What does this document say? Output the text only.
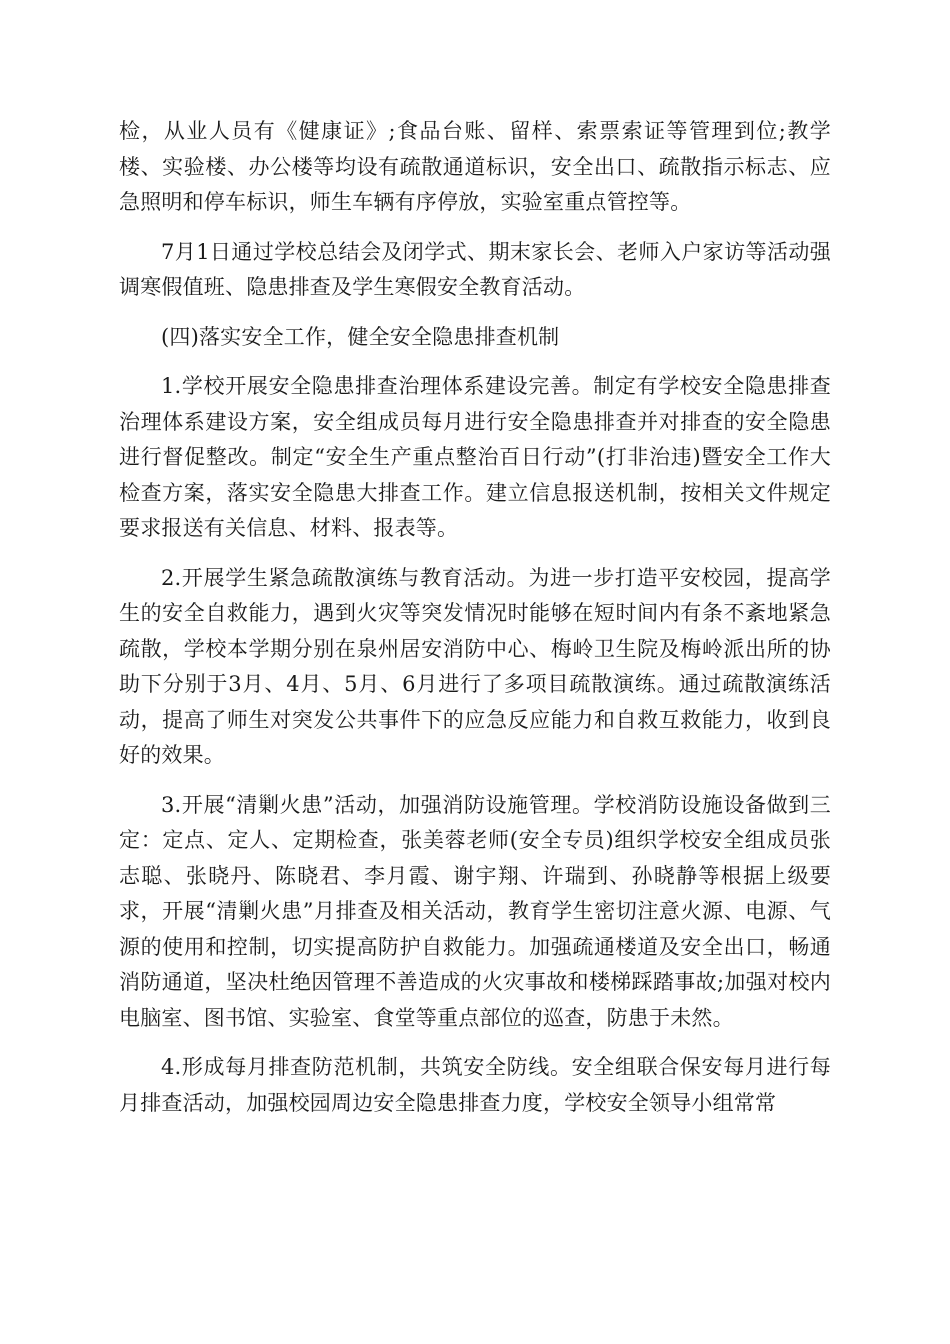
检，从业人员有《健康证》;食品台账、留样、索票索证等管理到位;教学楼、实验楼、办公楼等均设有疏散通道标识，安全出口、疏散指示标志、应急照明和停车标识，师生车辆有序停放，实验室重点管控等。

7月1日通过学校总结会及闭学式、期末家长会、老师入户家访等活动强调寒假值班、隐患排查及学生寒假安全教育活动。

(四)落实安全工作，健全安全隐患排查机制

1.学校开展安全隐患排查治理体系建设完善。制定有学校安全隐患排查治理体系建设方案，安全组成员每月进行安全隐患排查并对排查的安全隐患进行督促整改。制定“安全生产重点整治百日行动”(打非治违)暨安全工作大检查方案，落实安全隐患大排查工作。建立信息报送机制，按相关文件规定要求报送有关信息、材料、报表等。

2.开展学生紧急疏散演练与教育活动。为进一步打造平安校园，提高学生的安全自救能力，遇到火灾等突发情况时能够在短时间内有条不紊地紧急疏散，学校本学期分别在泉州居安消防中心、梅岭卫生院及梅岭派出所的协助下分别于3月、4月、5月、6月进行了多项目疏散演练。通过疏散演练活动，提高了师生对突发公共事件下的应急反应能力和自救互救能力，收到良好的效果。

3.开展“清剿火患”活动，加强消防设施管理。学校消防设施设备做到三定：定点、定人、定期检查，张美蓉老师(安全专员)组织学校安全组成员张志聪、张晓丹、陈晓君、李月霞、谢宇翔、许瑞到、孙晓静等根据上级要求，开展“清剿火患”月排查及相关活动，教育学生密切注意火源、电源、气源的使用和控制，切实提高防护自救能力。加强疏通楼道及安全出口，畅通消防通道，坚决杜绝因管理不善造成的火灾事故和楼梯踩踏事故;加强对校内电脑室、图书馆、实验室、食堂等重点部位的巡查，防患于未然。

4.形成每月排查防范机制，共筑安全防线。安全组联合保安每月进行每月排查活动，加强校园周边安全隐患排查力度，学校安全领导小组常常
